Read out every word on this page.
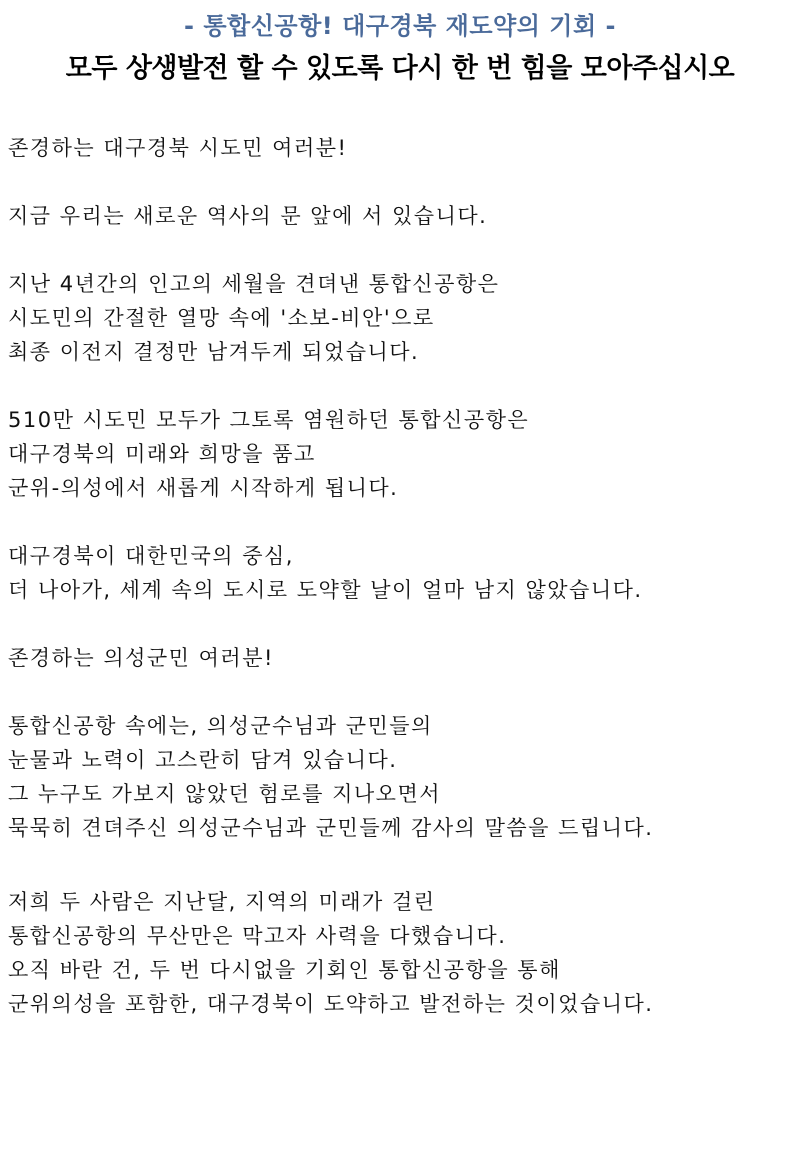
- 통합신공항! 대구경북 재도약의 기회 -
모두 상생발전 할 수 있도록 다시 한 번 힘을 모아주십시오
존경하는 대구경북 시도민 여러분!
지금 우리는 새로운 역사의 문 앞에 서 있습니다.
지난 4년간의 인고의 세월을 견뎌낸 통합신공항은
시도민의 간절한 열망 속에 '소보-비안'으로
최종 이전지 결정만 남겨두게 되었습니다.
510만 시도민 모두가 그토록 염원하던 통합신공항은
대구경북의 미래와 희망을 품고
군위-의성에서 새롭게 시작하게 됩니다.
대구경북이 대한민국의 중심,
더 나아가, 세계 속의 도시로 도약할 날이 얼마 남지 않았습니다.
존경하는 의성군민 여러분!
통합신공항 속에는, 의성군수님과 군민들의
눈물과 노력이 고스란히 담겨 있습니다.
그 누구도 가보지 않았던 험로를 지나오면서
묵묵히 견뎌주신 의성군수님과 군민들께 감사의 말씀을 드립니다.
저희 두 사람은 지난달, 지역의 미래가 걸린
통합신공항의 무산만은 막고자 사력을 다했습니다.
오직 바란 건, 두 번 다시없을 기회인 통합신공항을 통해
군위의성을 포함한, 대구경북이 도약하고 발전하는 것이었습니다.
